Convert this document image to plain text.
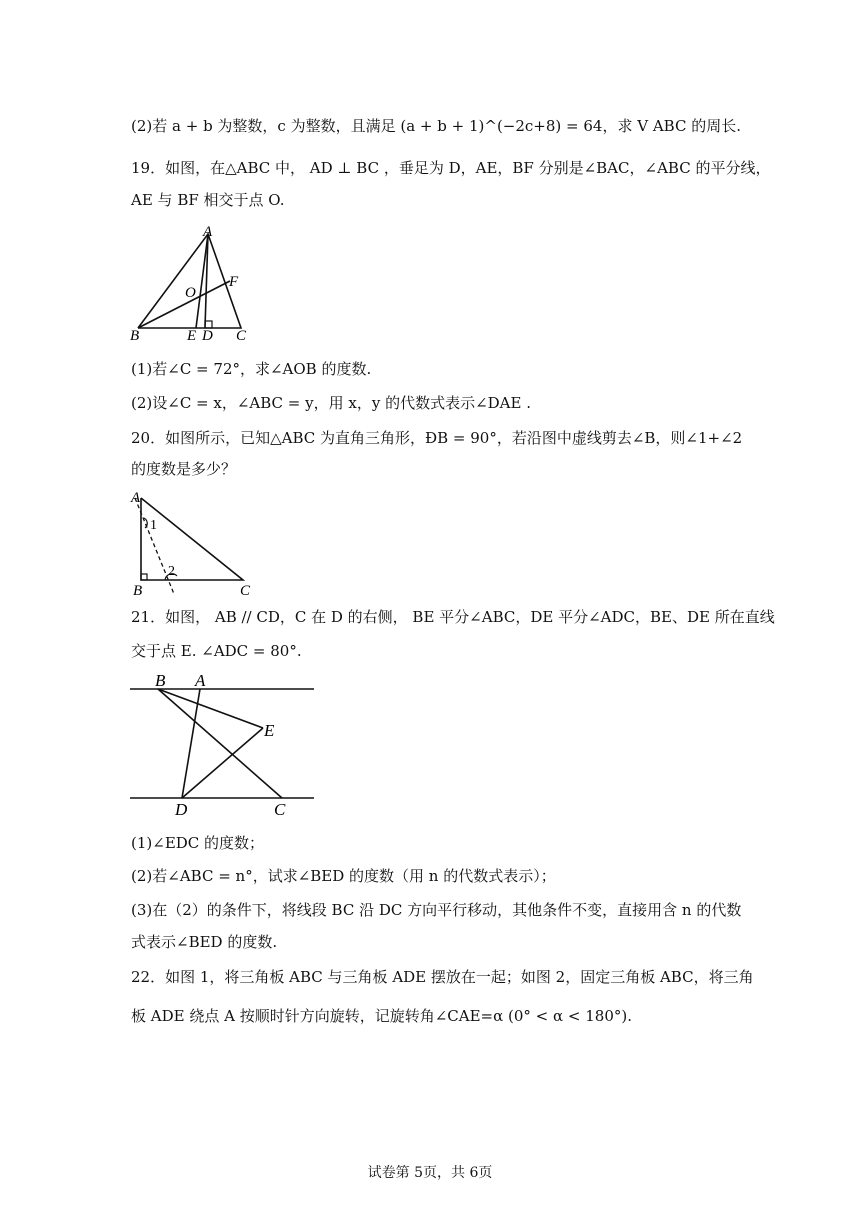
(2)若 a + b 为整数，c 为整数，且满足 (a + b + 1)^(−2c+8) = 64，求 V ABC 的周长.
19．如图，在△ABC 中， AD ⊥ BC ，垂足为 D，AE，BF 分别是∠BAC，∠ABC 的平分线，
AE 与 BF 相交于点 O.
A
B	C
D
E
F
O
(1)若∠C = 72°，求∠AOB 的度数.
(2)设∠C = x，∠ABC = y，用 x，y 的代数式表示∠DAE .
20．如图所示，已知△ABC 为直角三角形，ÐB = 90°，若沿图中虚线剪去∠B，则∠1+∠2
的度数是多少？
A
B	C
1
2
21．如图， AB // CD，C 在 D 的右侧， BE 平分∠ABC，DE 平分∠ADC，BE、DE 所在直线
交于点 E. ∠ADC = 80°.
B A
E
D	C
(1)∠EDC 的度数；
(2)若∠ABC = n°，试求∠BED 的度数（用 n 的代数式表示）；
(3)在（2）的条件下，将线段 BC 沿 DC 方向平行移动，其他条件不变，直接用含 n 的代数
式表示∠BED 的度数.
22．如图 1，将三角板 ABC 与三角板 ADE 摆放在一起；如图 2，固定三角板 ABC，将三角
板 ADE 绕点 A 按顺时针方向旋转，记旋转角∠CAE=α (0° < α < 180°).
试卷第 5页，共 6页
